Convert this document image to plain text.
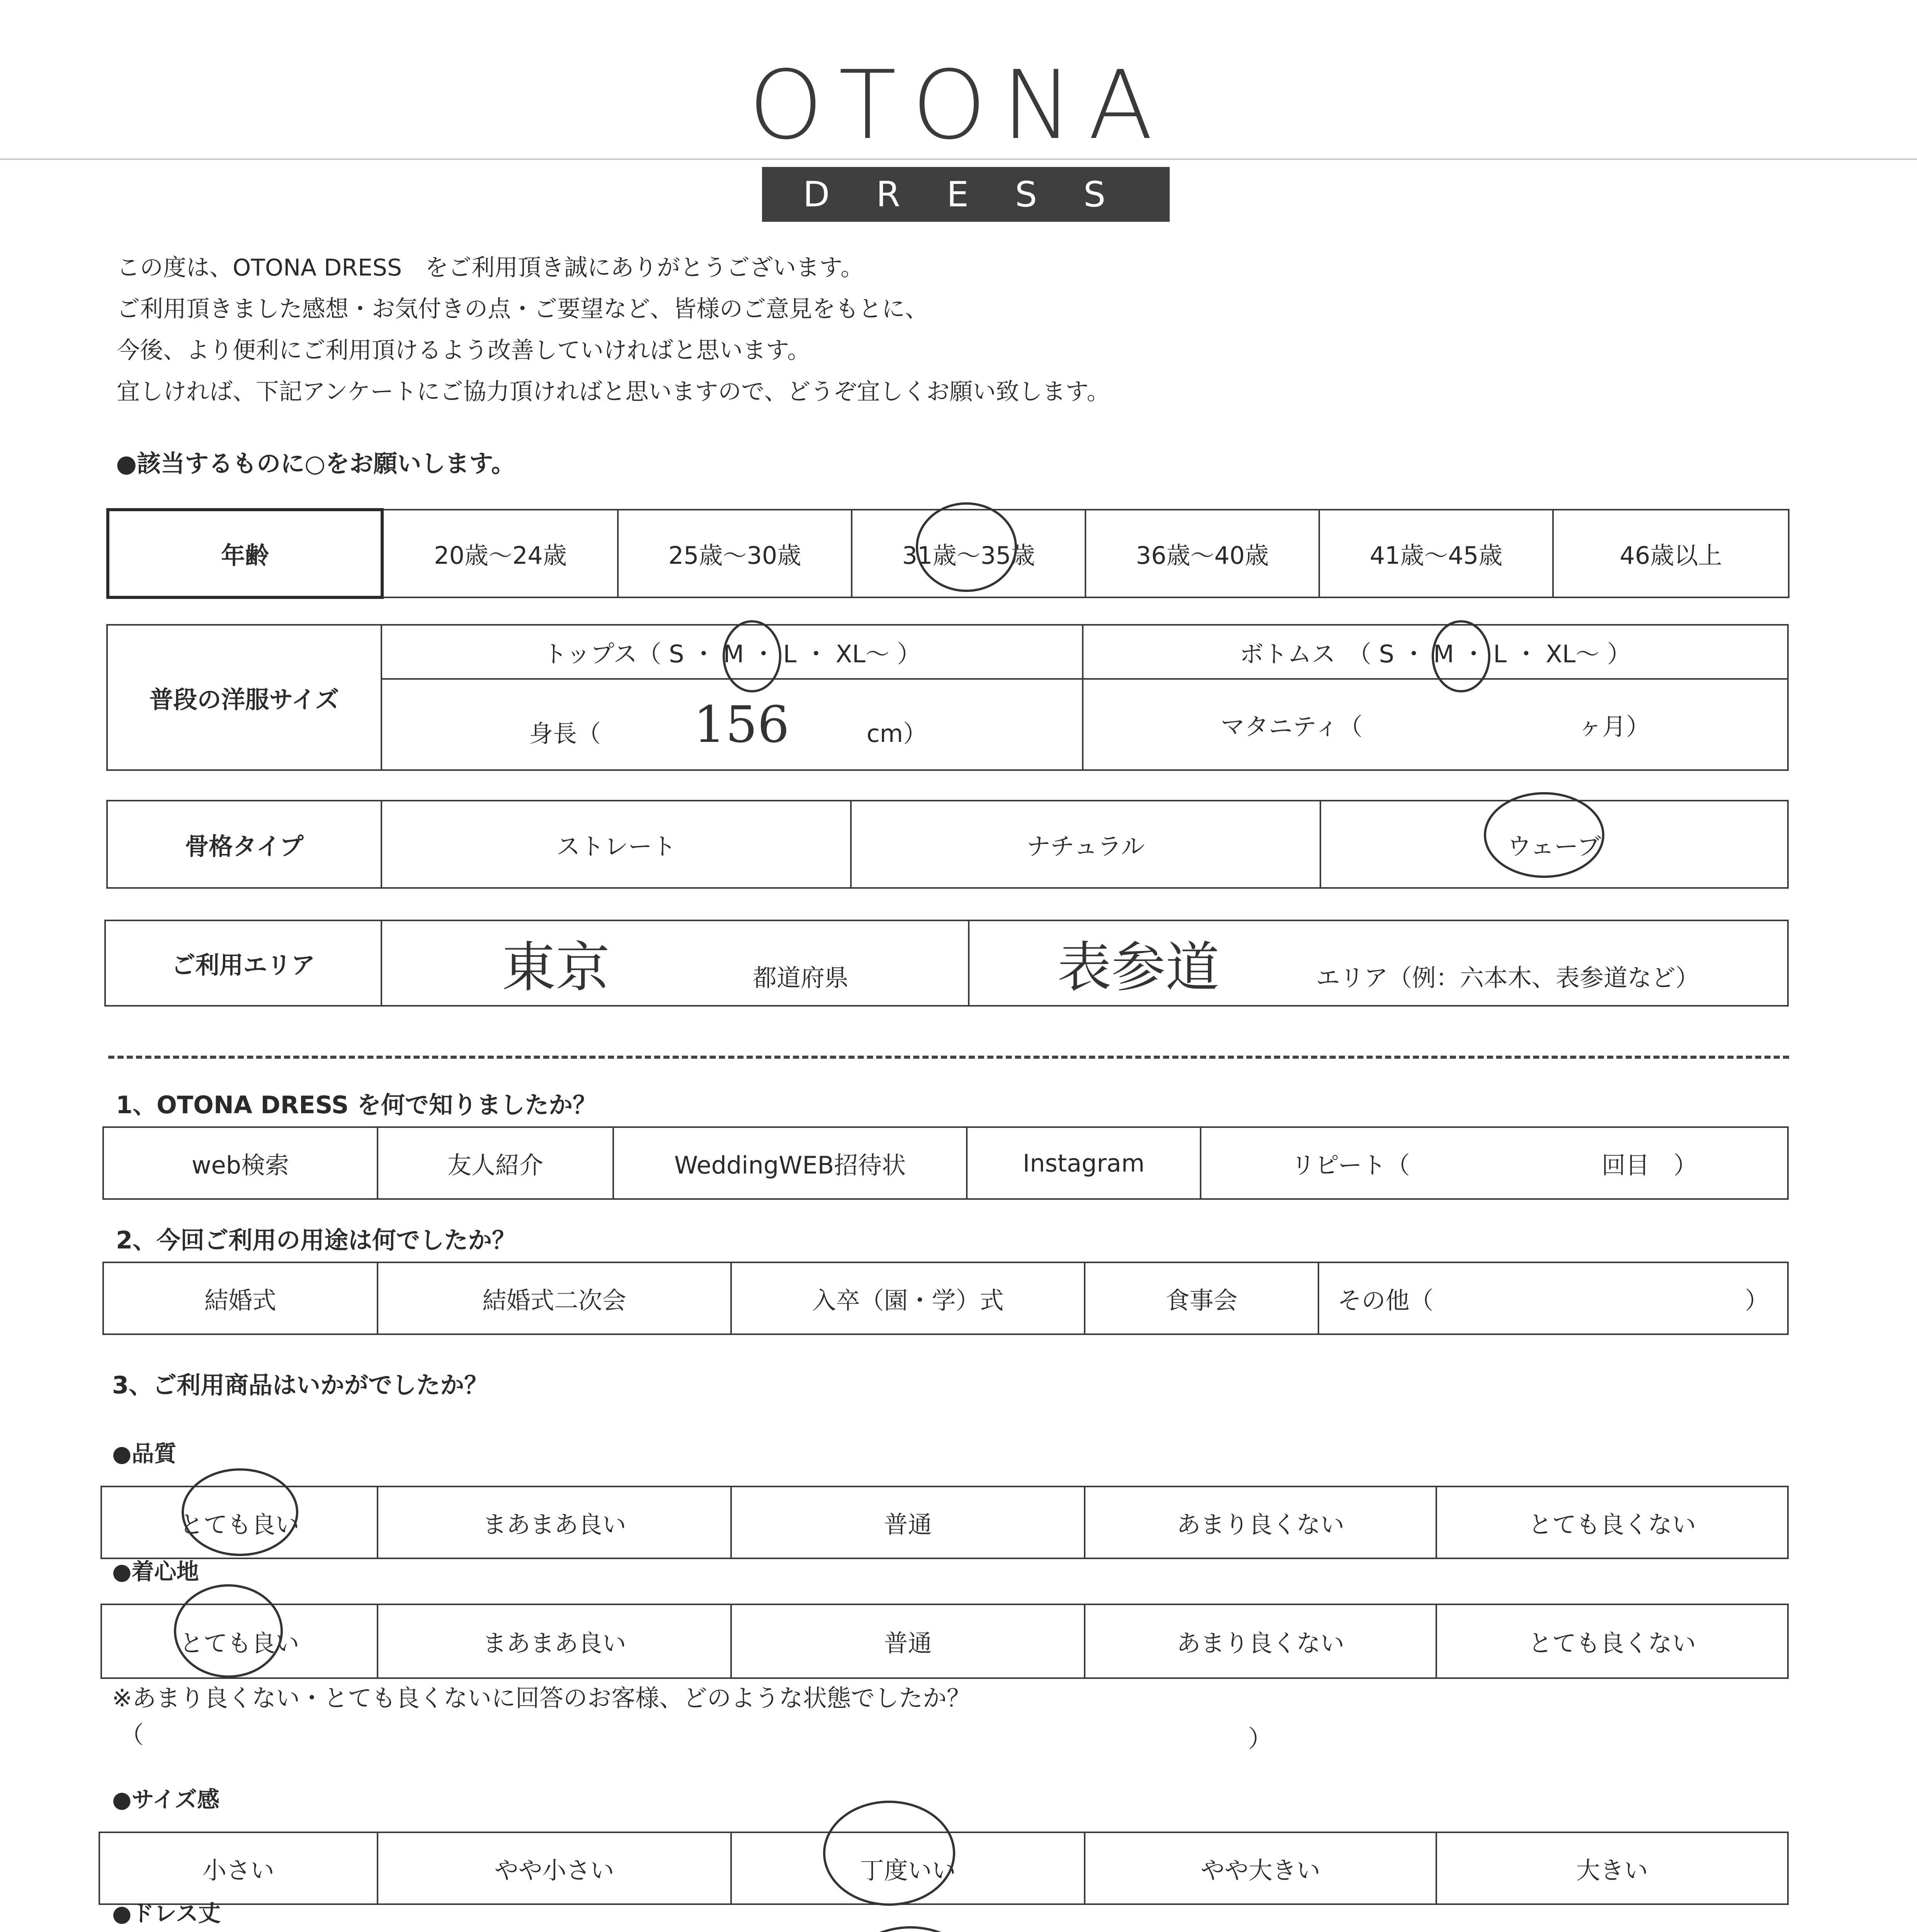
OTONA
DRESS
この度は、OTONA DRESS　をご利用頂き誠にありがとうございます。
ご利用頂きました感想・お気付きの点・ご要望など、皆様のご意見をもとに、
今後、より便利にご利用頂けるよう改善していければと思います。
宜しければ、下記アンケートにご協力頂ければと思いますので、どうぞ宜しくお願い致します。
●該当するものに○をお願いします。
年齢	20歳～24歳	25歳～30歳	31歳～35歳	36歳～40歳	41歳～45歳	46歳以上
普段の洋服サイズ	トップス（ S ・ M ・ L ・ XL～ ）	ボトムス　（ S ・ M ・ L ・ XL～ ）
	身長（ 156 cm）	マタニティ（　　　　　　　　　ヶ月）
骨格タイプ	ストレート	ナチュラル	ウェーブ
ご利用エリア	東京	都道府県	表参道	エリア（例：六本木、表参道など）
1、OTONA DRESS を何で知りましたか？
web検索	友人紹介	WeddingWEB招待状	Instagram	リピート（　　　　　　　　回目　）
2、今回ご利用の用途は何でしたか？
結婚式	結婚式二次会	入卒（園・学）式	食事会	その他（　　　　　　　　　　　　　）
3、ご利用商品はいかがでしたか？
●品質
とても良い	まあまあ良い	普通	あまり良くない	とても良くない
●着心地
とても良い	まあまあ良い	普通	あまり良くない	とても良くない
※あまり良くない・とても良くないに回答のお客様、どのような状態でしたか？
（	）
●サイズ感
小さい	やや小さい	丁度いい	やや大きい	大きい
●ドレス丈
